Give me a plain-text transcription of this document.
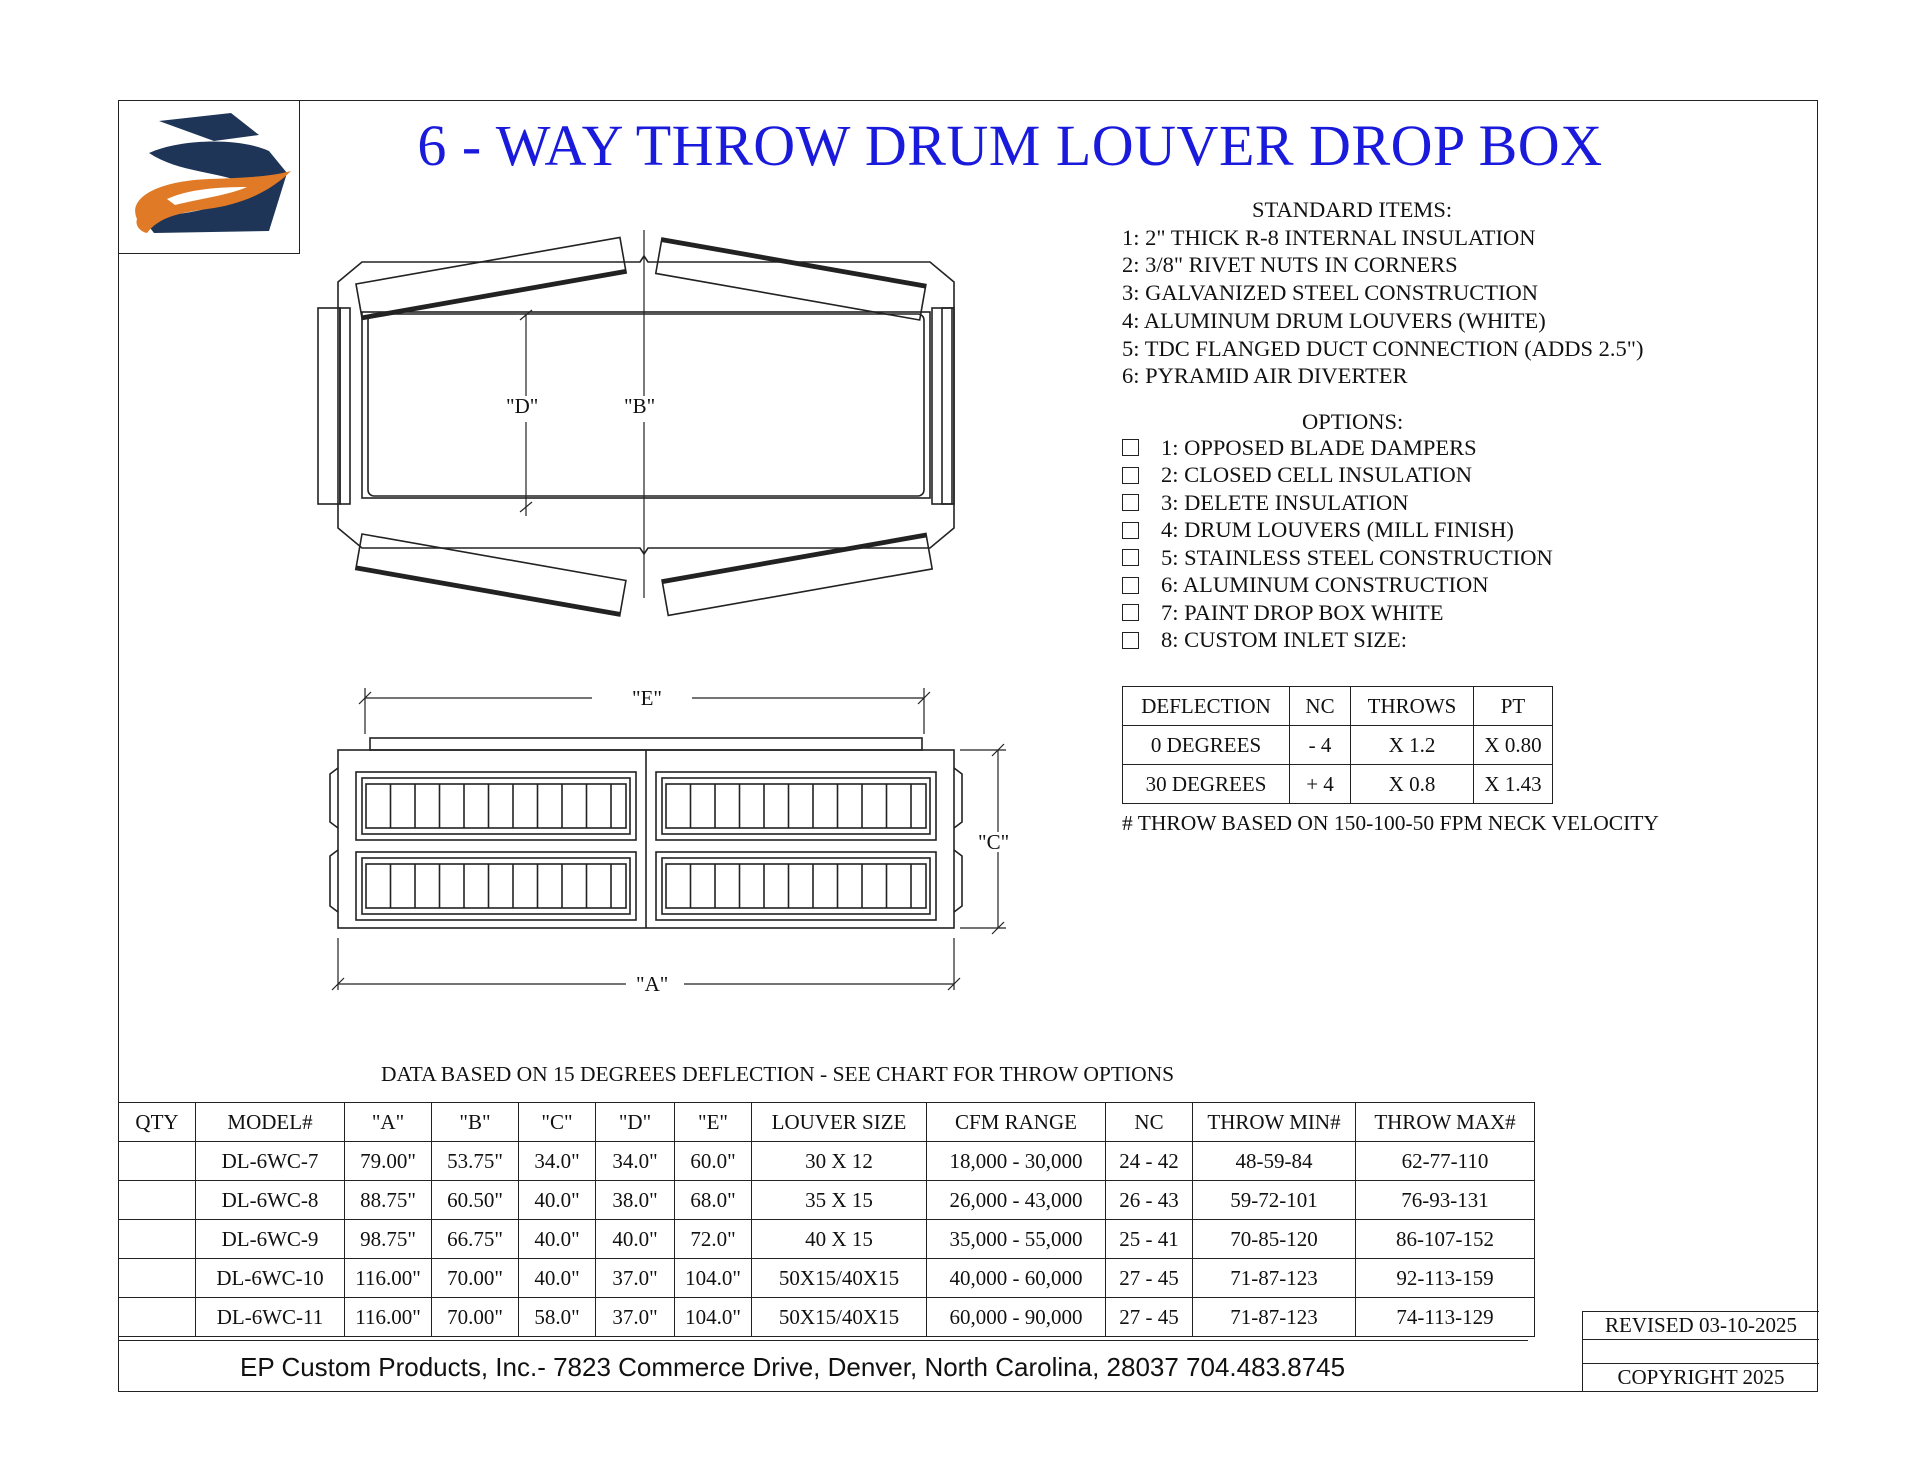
6 - WAY THROW DRUM LOUVER DROP BOX
"D"	"B"
"C"
"A"
"E"
STANDARD ITEMS:
1: 2" THICK R-8 INTERNAL INSULATION
2: 3/8" RIVET NUTS IN CORNERS
3: GALVANIZED STEEL CONSTRUCTION
4: ALUMINUM DRUM LOUVERS (WHITE)
5: TDC FLANGED DUCT CONNECTION (ADDS 2.5")
6: PYRAMID AIR DIVERTER
OPTIONS:
1: OPPOSED BLADE DAMPERS
2: CLOSED CELL INSULATION
3: DELETE INSULATION
4: DRUM LOUVERS (MILL FINISH)
5: STAINLESS STEEL CONSTRUCTION
6: ALUMINUM CONSTRUCTION
7: PAINT DROP BOX WHITE
8: CUSTOM INLET SIZE:
DEFLECTION	NC	THROWS	PT
0 DEGREES	- 4	X 1.2	X 0.80
30 DEGREES	+ 4	X 0.8	X 1.43
# THROW BASED ON 150-100-50 FPM NECK VELOCITY
DATA BASED ON 15 DEGREES DEFLECTION - SEE CHART FOR THROW OPTIONS
QTY	MODEL#	"A"	"B"	"C"	"D"	"E"	LOUVER SIZE	CFM RANGE	NC	THROW MIN#	THROW MAX#
	DL-6WC-7	79.00"	53.75"	34.0"	34.0"	60.0"	30 X 12	18,000 - 30,000	24 - 42	48-59-84	62-77-110
	DL-6WC-8	88.75"	60.50"	40.0"	38.0"	68.0"	35 X 15	26,000 - 43,000	26 - 43	59-72-101	76-93-131
	DL-6WC-9	98.75"	66.75"	40.0"	40.0"	72.0"	40 X 15	35,000 - 55,000	25 - 41	70-85-120	86-107-152
	DL-6WC-10	116.00"	70.00"	40.0"	37.0"	104.0"	50X15/40X15	40,000 - 60,000	27 - 45	71-87-123	92-113-159
	DL-6WC-11	116.00"	70.00"	58.0"	37.0"	104.0"	50X15/40X15	60,000 - 90,000	27 - 45	71-87-123	74-113-129
EP Custom Products, Inc.- 7823 Commerce Drive, Denver, North Carolina, 28037 704.483.8745
REVISED 03-10-2025
COPYRIGHT 2025
